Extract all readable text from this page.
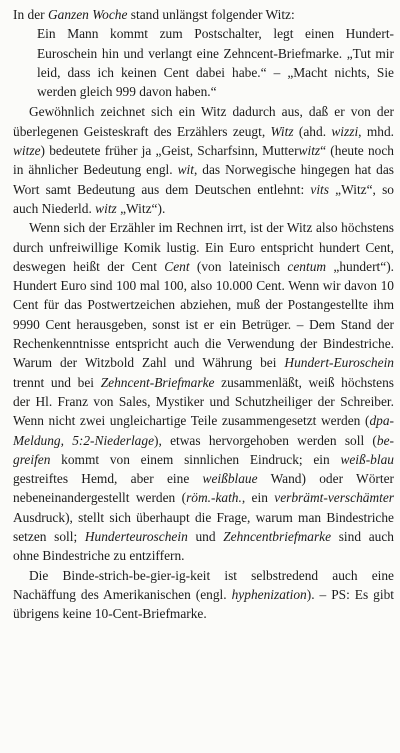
In der Ganzen Woche stand unlängst folgender Witz:

Ein Mann kommt zum Postschalter, legt einen Hundert-Euroschein hin und verlangt eine Zehncent-Briefmarke. „Tut mir leid, dass ich keinen Cent dabei habe.“ – „Macht nichts, Sie werden gleich 999 davon haben.“

Gewöhnlich zeichnet sich ein Witz dadurch aus, daß er von der überlegenen Geisteskraft des Erzählers zeugt, Witz (ahd. wizzi, mhd. witze) bedeutete früher ja „Geist, Scharfsinn, Mutterwitz“ (heute noch in ähnlicher Bedeutung engl. wit, das Norwegische hingegen hat das Wort samt Bedeutung aus dem Deutschen entlehnt: vits „Witz“, so auch Niederld. witz „Witz“).

Wenn sich der Erzähler im Rechnen irrt, ist der Witz also höchstens durch unfreiwillige Komik lustig. Ein Euro entspricht hundert Cent, deswegen heißt der Cent Cent (von lateinisch centum „hundert“). Hundert Euro sind 100 mal 100, also 10.000 Cent. Wenn wir davon 10 Cent für das Postwertzeichen abziehen, muß der Postangestellte ihm 9990 Cent herausgeben, sonst ist er ein Betrüger. – Dem Stand der Rechenkenntnisse entspricht auch die Verwendung der Bindestriche. Warum der Witzbold Zahl und Währung bei Hundert-Euroschein trennt und bei Zehncent-Briefmarke zusammenläßt, weiß höchstens der Hl. Franz von Sales, Mystiker und Schutzheiliger der Schreiber. Wenn nicht zwei ungleichartige Teile zusammengesetzt werden (dpa-Meldung, 5:2-Niederlage), etwas hervorgehoben werden soll (be-greifen kommt von einem sinnlichen Eindruck; ein weiß-blau gestreiftes Hemd, aber eine weißblaue Wand) oder Wörter nebeneinandergestellt werden (röm.-kath., ein verbrämt-verschämter Ausdruck), stellt sich überhaupt die Frage, warum man Bindestriche setzen soll; Hunderteuroschein und Zehncentbriefmarke sind auch ohne Bindestriche zu entziffern.

Die Binde-strich-be-gier-ig-keit ist selbstredend auch eine Nachäffung des Amerikanischen (engl. hyphenization). – PS: Es gibt übrigens keine 10-Cent-Briefmarke.
